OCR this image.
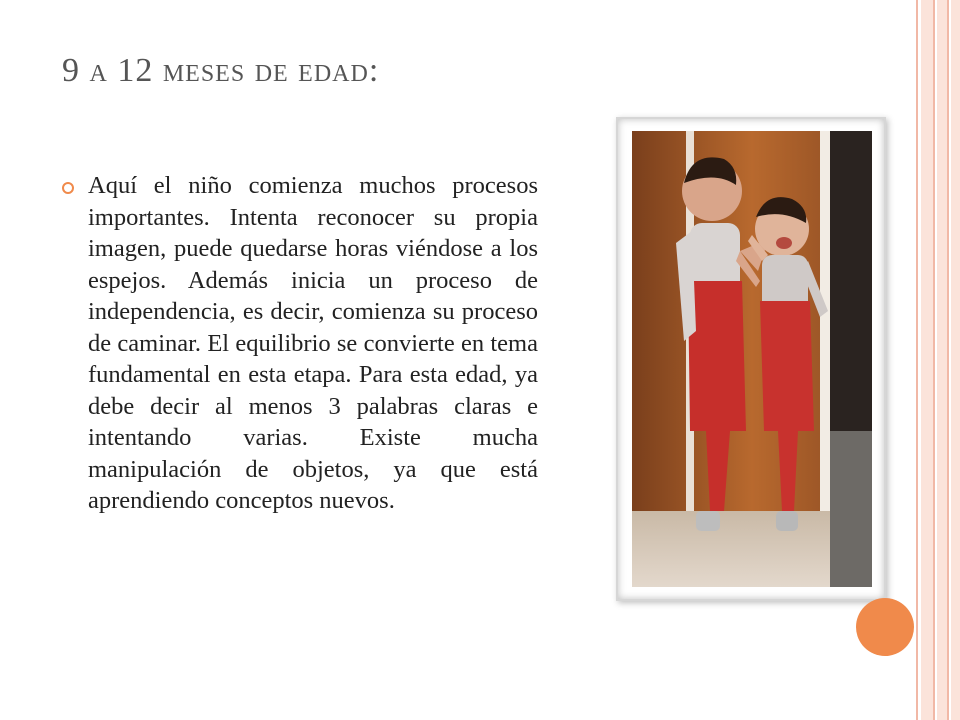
9 a 12 meses de edad:

Aquí el niño comienza muchos procesos importantes. Intenta reconocer su propia imagen, puede quedarse horas viéndose a los espejos. Además inicia un proceso de independencia, es decir, comienza su proceso de caminar. El equilibrio se convierte en tema fundamental en esta etapa. Para esta edad, ya debe decir al menos 3 palabras claras e intentando varias. Existe mucha manipulación de objetos, ya que está aprendiendo conceptos nuevos.
